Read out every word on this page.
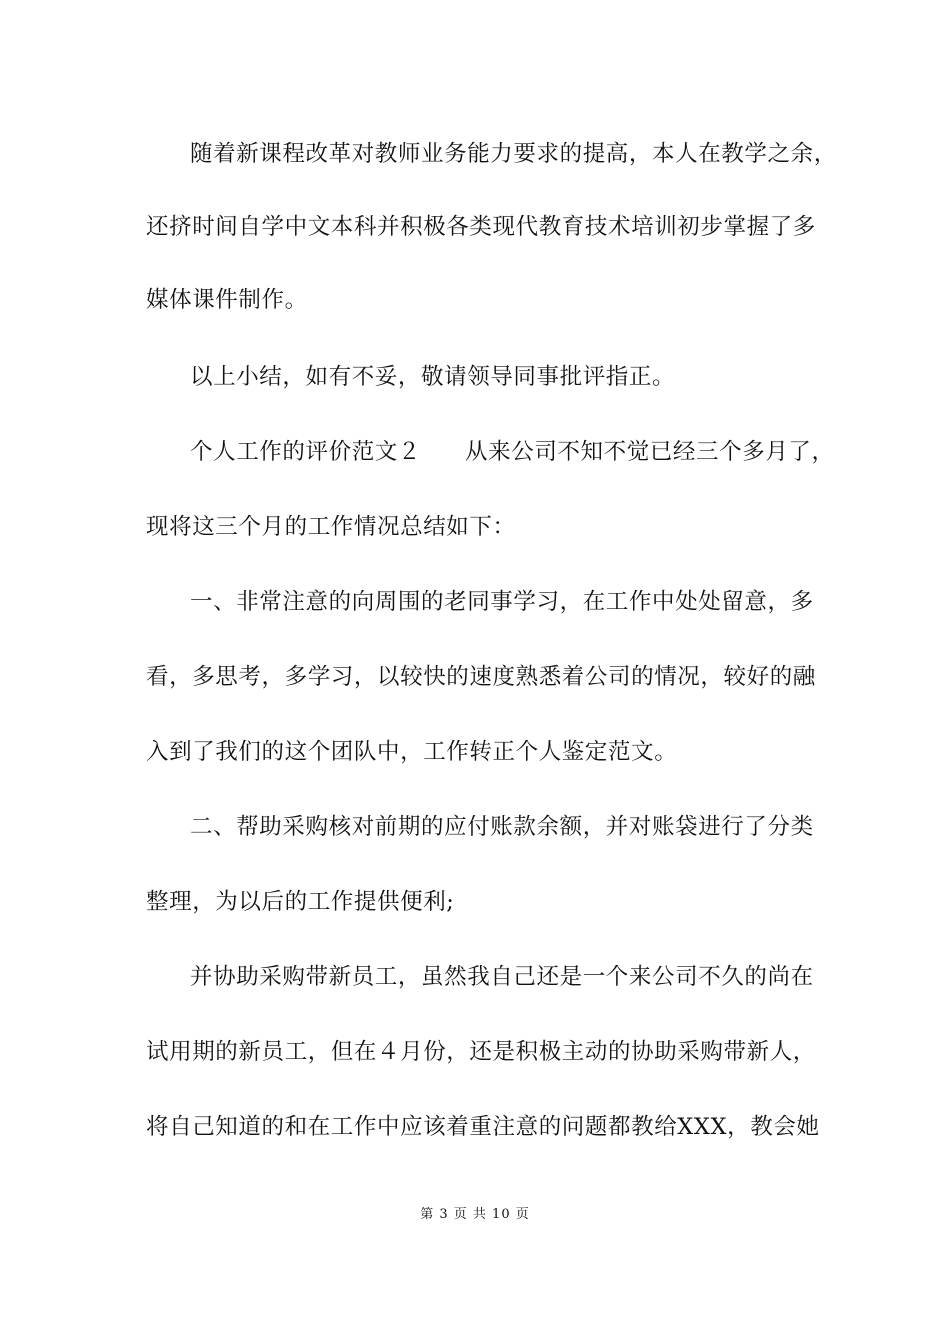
随着新课程改革对教师业务能力要求的提高，本人在教学之余，
还挤时间自学中文本科并积极各类现代教育技术培训初步掌握了多
媒体课件制作。
以上小结，如有不妥，敬请领导同事批评指正。
个人工作的评价范文２ 从来公司不知不觉已经三个多月了，
现将这三个月的工作情况总结如下：
一、非常注意的向周围的老同事学习，在工作中处处留意，多
看，多思考，多学习，以较快的速度熟悉着公司的情况，较好的融
入到了我们的这个团队中，工作转正个人鉴定范文。
二、帮助采购核对前期的应付账款余额，并对账袋进行了分类
整理，为以后的工作提供便利;
并协助采购带新员工，虽然我自己还是一个来公司不久的尚在
试用期的新员工，但在４月份，还是积极主动的协助采购带新人，
将自己知道的和在工作中应该着重注意的问题都教给XXX，教会她
第 3 页 共 10 页
